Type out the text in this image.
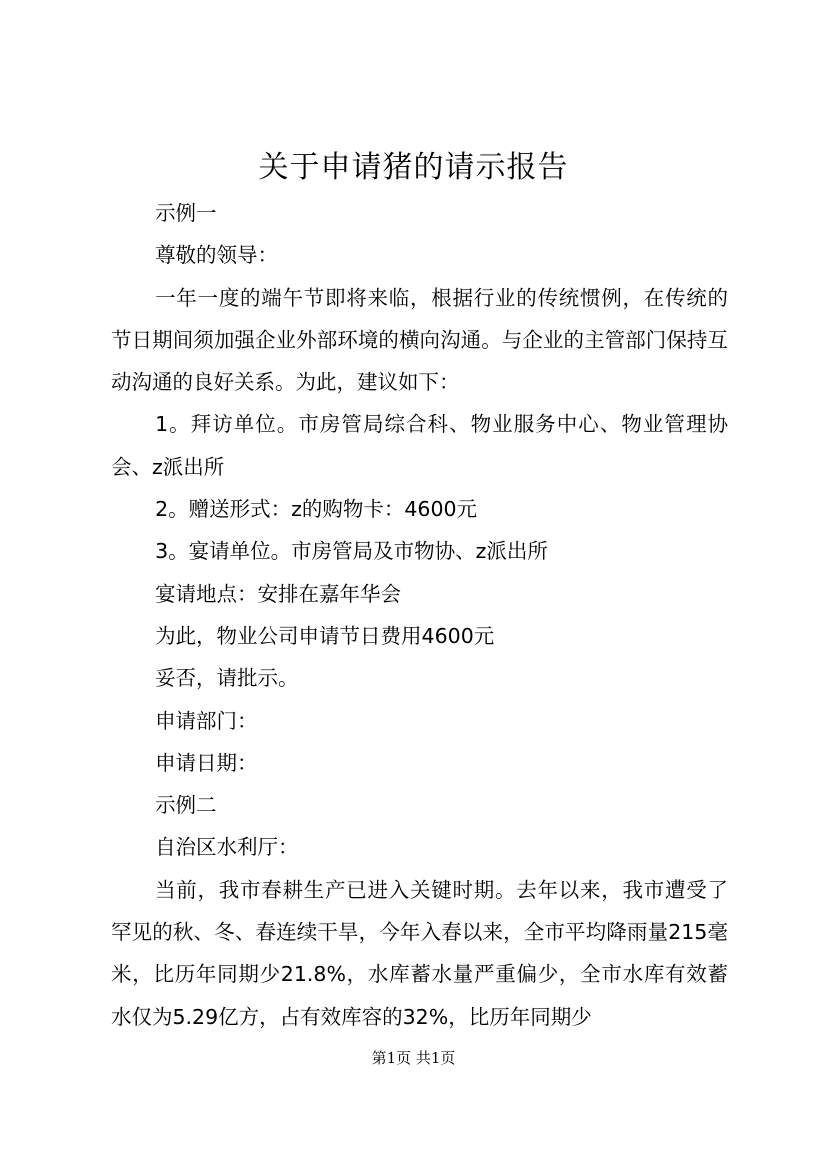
关于申请猪的请示报告

示例一

尊敬的领导：

一年一度的端午节即将来临，根据行业的传统惯例，在传统的节日期间须加强企业外部环境的横向沟通。与企业的主管部门保持互动沟通的良好关系。为此，建议如下：

1。拜访单位。市房管局综合科、物业服务中心、物业管理协会、z派出所

2。赠送形式：z的购物卡：4600元

3。宴请单位。市房管局及市物协、z派出所

宴请地点：安排在嘉年华会

为此，物业公司申请节日费用4600元

妥否，请批示。

申请部门：

申请日期：

示例二

自治区水利厅：

当前，我市春耕生产已进入关键时期。去年以来，我市遭受了罕见的秋、冬、春连续干旱，今年入春以来，全市平均降雨量215毫米，比历年同期少21.8%，水库蓄水量严重偏少，全市水库有效蓄水仅为5.29亿方，占有效库容的32%，比历年同期少

第1页 共1页
